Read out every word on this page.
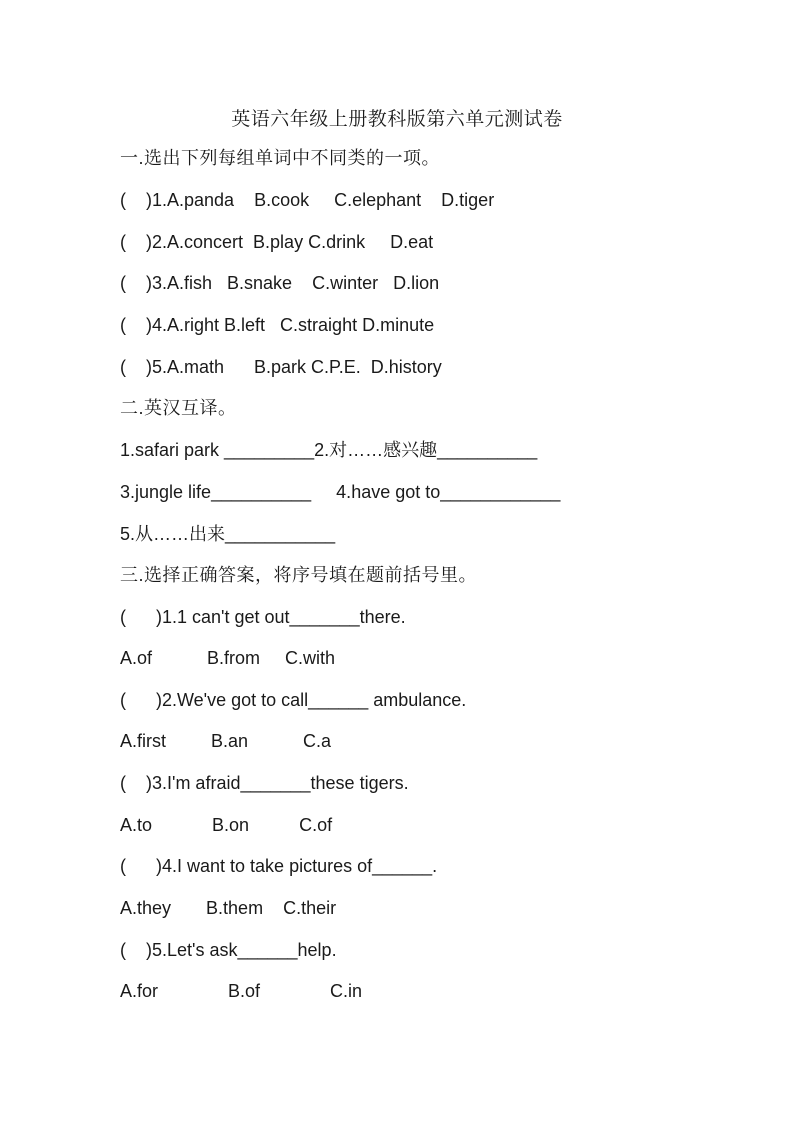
英语六年级上册教科版第六单元测试卷
一.选出下列每组单词中不同类的一项。
(    )1.A.panda    B.cook     C.elephant    D.tiger
(    )2.A.concert  B.play C.drink     D.eat
(    )3.A.fish   B.snake    C.winter   D.lion
(    )4.A.right B.left   C.straight D.minute
(    )5.A.math      B.park C.P.E.  D.history
二.英汉互译。
1.safari park _________2.对……感兴趣__________
3.jungle life__________     4.have got to____________
5.从……出来___________
三.选择正确答案，将序号填在题前括号里。
(      )1.1 can't get out_______there.
A.of           B.from     C.with
(      )2.We've got to call______ ambulance.
A.first         B.an           C.a
(    )3.I'm afraid_______these tigers.
A.to            B.on          C.of
(      )4.I want to take pictures of______.
A.they       B.them    C.their
(    )5.Let's ask______help.
A.for              B.of              C.in
